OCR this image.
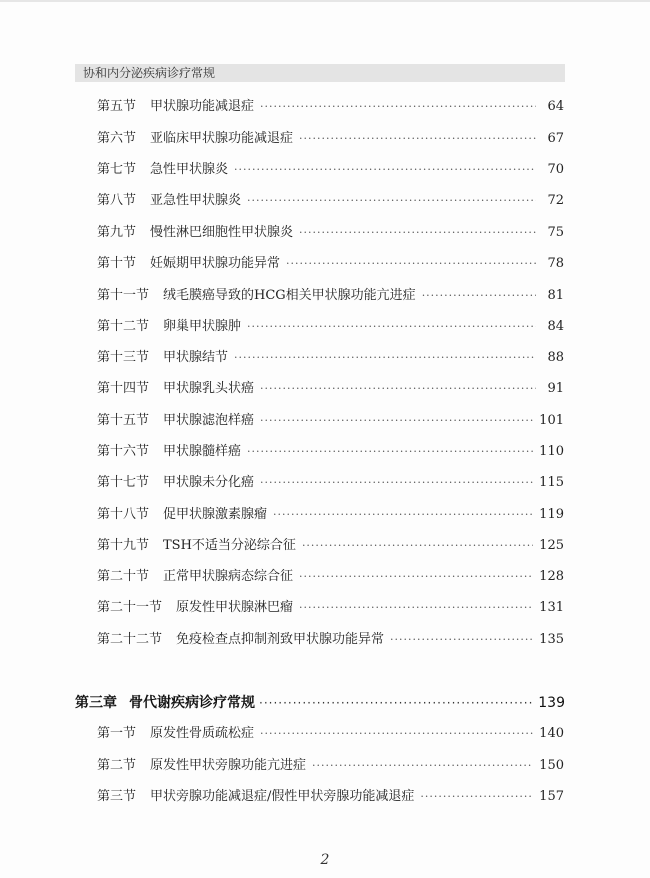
协和内分泌疾病诊疗常规
第五节 甲状腺功能减退症 ·····	64
第六节 亚临床甲状腺功能减退症 ·····	67
第七节 急性甲状腺炎 ·····	70
第八节 亚急性甲状腺炎 ·····	72
第九节 慢性淋巴细胞性甲状腺炎 ·····	75
第十节 妊娠期甲状腺功能异常 ·····	78
第十一节 绒毛膜癌导致的HCG相关甲状腺功能亢进症 ·····	81
第十二节 卵巢甲状腺肿 ·····	84
第十三节 甲状腺结节 ·····	88
第十四节 甲状腺乳头状癌 ·····	91
第十五节 甲状腺滤泡样癌 ·····	101
第十六节 甲状腺髓样癌 ·····	110
第十七节 甲状腺未分化癌 ·····	115
第十八节 促甲状腺激素腺瘤 ·····	119
第十九节 TSH不适当分泌综合征 ·····	125
第二十节 正常甲状腺病态综合征 ·····	128
第二十一节 原发性甲状腺淋巴瘤 ·····	131
第二十二节 免疫检查点抑制剂致甲状腺功能异常 ·····	135
第三章 骨代谢疾病诊疗常规 ·····	139
第一节 原发性骨质疏松症 ·····	140
第二节 原发性甲状旁腺功能亢进症 ·····	150
第三节 甲状旁腺功能减退症/假性甲状旁腺功能减退症 ·····	157
2
